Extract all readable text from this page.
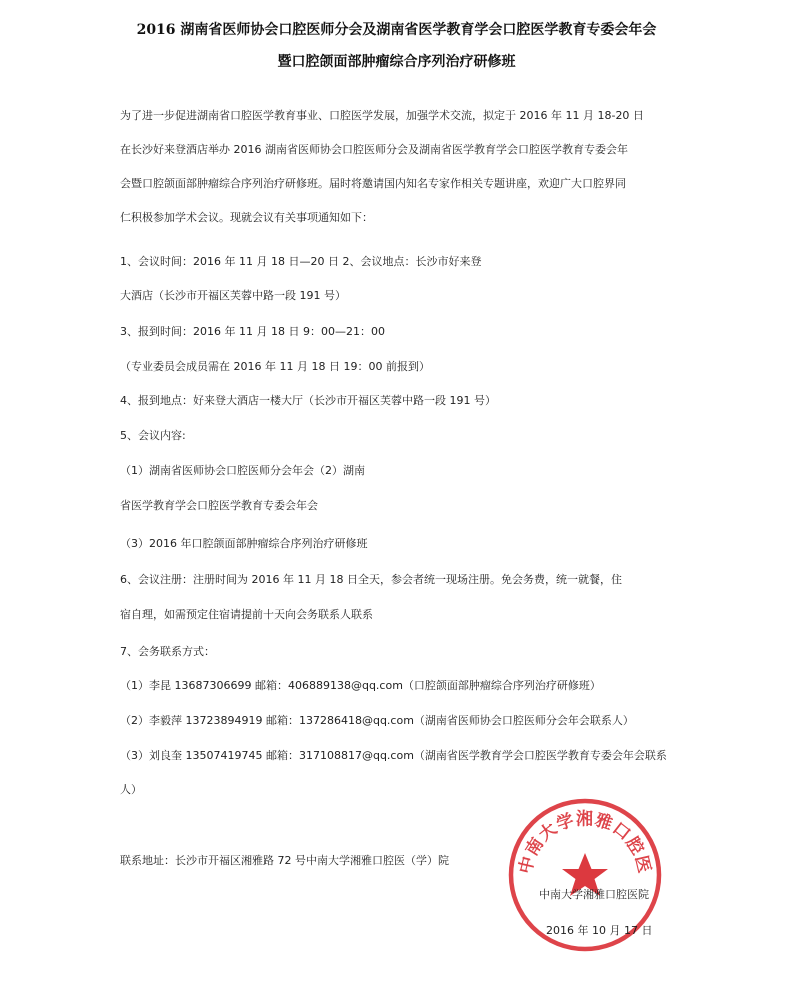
2016 湖南省医师协会口腔医师分会及湖南省医学教育学会口腔医学教育专委会年会
暨口腔颌面部肿瘤综合序列治疗研修班
为了进一步促进湖南省口腔医学教育事业、口腔医学发展，加强学术交流，拟定于 2016 年 11 月 18-20 日
在长沙好来登酒店举办 2016 湖南省医师协会口腔医师分会及湖南省医学教育学会口腔医学教育专委会年
会暨口腔颌面部肿瘤综合序列治疗研修班。届时将邀请国内知名专家作相关专题讲座，欢迎广大口腔界同
仁积极参加学术会议。现就会议有关事项通知如下：
1、会议时间：2016 年 11 月 18 日—20 日 2、会议地点：长沙市好来登
大酒店（长沙市开福区芙蓉中路一段 191 号）
3、报到时间：2016 年 11 月 18 日 9：00—21：00
（专业委员会成员需在 2016 年 11 月 18 日 19：00 前报到）
4、报到地点：好来登大酒店一楼大厅（长沙市开福区芙蓉中路一段 191 号）
5、会议内容:
（1）湖南省医师协会口腔医师分会年会（2）湖南
省医学教育学会口腔医学教育专委会年会
（3）2016 年口腔颌面部肿瘤综合序列治疗研修班
6、会议注册：注册时间为 2016 年 11 月 18 日全天，参会者统一现场注册。免会务费，统一就餐，住
宿自理，如需预定住宿请提前十天向会务联系人联系
7、会务联系方式：
（1）李昆 13687306699 邮箱：406889138@qq.com（口腔颌面部肿瘤综合序列治疗研修班）
（2）李毅萍 13723894919 邮箱：137286418@qq.com（湖南省医师协会口腔医师分会年会联系人）
（3）刘良奎 13507419745 邮箱：317108817@qq.com（湖南省医学教育学会口腔医学教育专委会年会联系
人）
联系地址：长沙市开福区湘雅路 72 号中南大学湘雅口腔医（学）院	中南大学湘雅口腔医
中南大学湘雅口腔医院
2016 年 10 月 17 日
